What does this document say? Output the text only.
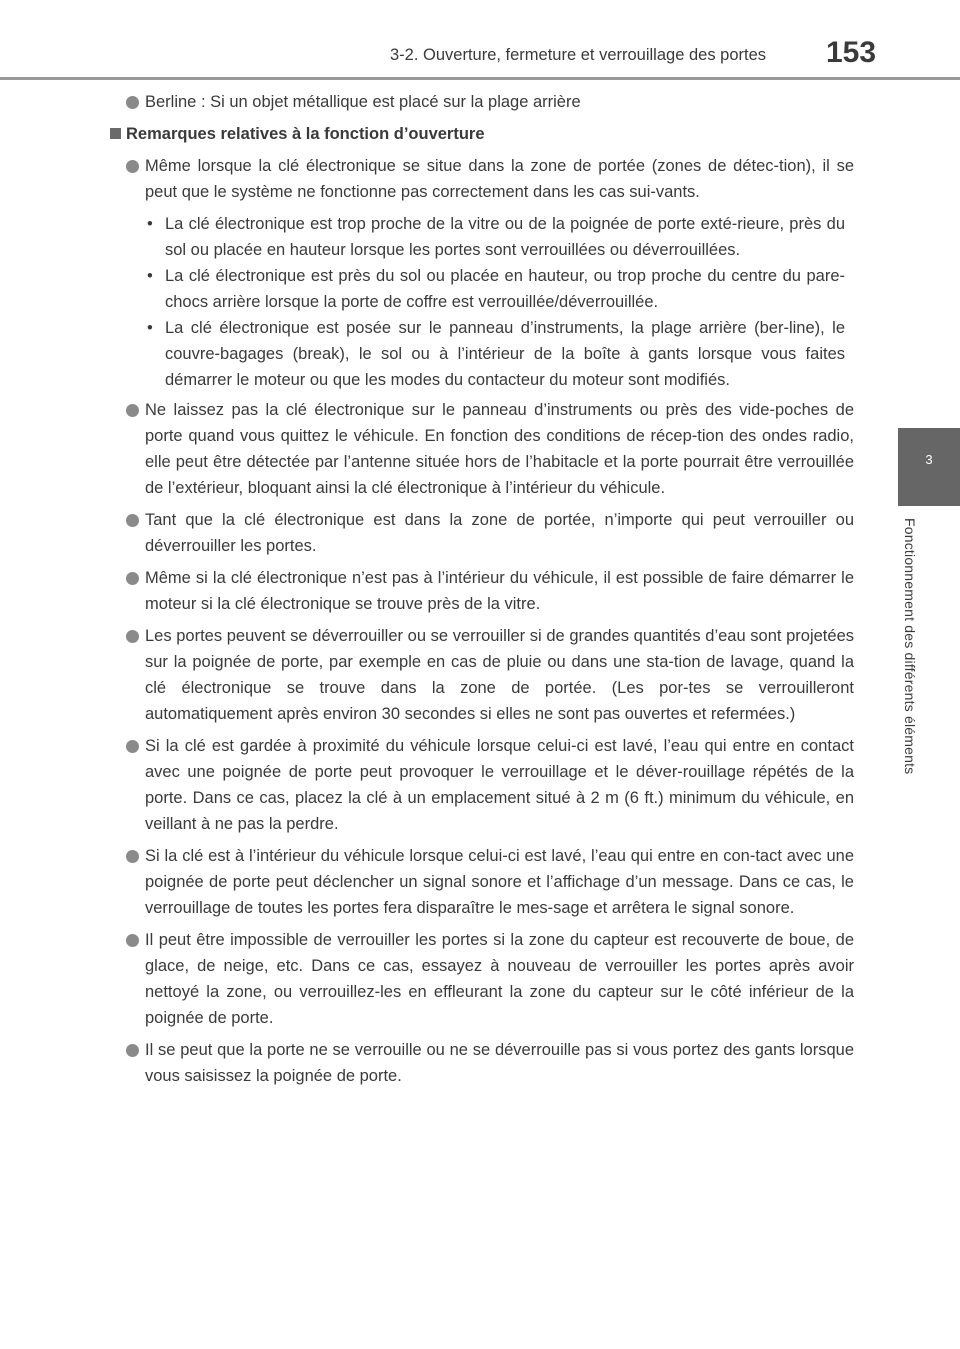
3-2. Ouverture, fermeture et verrouillage des portes 153
3
Fonctionnement des différents éléments

Berline : Si un objet métallique est placé sur la plage arrière

Remarques relatives à la fonction d’ouverture

Même lorsque la clé électronique se situe dans la zone de portée (zones de détec-tion), il se peut que le système ne fonctionne pas correctement dans les cas sui-vants.

• La clé électronique est trop proche de la vitre ou de la poignée de porte exté-rieure, près du sol ou placée en hauteur lorsque les portes sont verrouillées ou déverrouillées.
• La clé électronique est près du sol ou placée en hauteur, ou trop proche du centre du pare-chocs arrière lorsque la porte de coffre est verrouillée/déverrouillée.
• La clé électronique est posée sur le panneau d’instruments, la plage arrière (ber-line), le couvre-bagages (break), le sol ou à l’intérieur de la boîte à gants lorsque vous faites démarrer le moteur ou que les modes du contacteur du moteur sont modifiés.

Ne laissez pas la clé électronique sur le panneau d’instruments ou près des vide-poches de porte quand vous quittez le véhicule. En fonction des conditions de récep-tion des ondes radio, elle peut être détectée par l’antenne située hors de l’habitacle et la porte pourrait être verrouillée de l’extérieur, bloquant ainsi la clé électronique à l’intérieur du véhicule.

Tant que la clé électronique est dans la zone de portée, n’importe qui peut verrouiller ou déverrouiller les portes.

Même si la clé électronique n’est pas à l’intérieur du véhicule, il est possible de faire démarrer le moteur si la clé électronique se trouve près de la vitre.

Les portes peuvent se déverrouiller ou se verrouiller si de grandes quantités d’eau sont projetées sur la poignée de porte, par exemple en cas de pluie ou dans une sta-tion de lavage, quand la clé électronique se trouve dans la zone de portée. (Les por-tes se verrouilleront automatiquement après environ 30 secondes si elles ne sont pas ouvertes et refermées.)

Si la clé est gardée à proximité du véhicule lorsque celui-ci est lavé, l’eau qui entre en contact avec une poignée de porte peut provoquer le verrouillage et le déver-rouillage répétés de la porte. Dans ce cas, placez la clé à un emplacement situé à 2 m (6 ft.) minimum du véhicule, en veillant à ne pas la perdre.

Si la clé est à l’intérieur du véhicule lorsque celui-ci est lavé, l’eau qui entre en con-tact avec une poignée de porte peut déclencher un signal sonore et l’affichage d’un message. Dans ce cas, le verrouillage de toutes les portes fera disparaître le mes-sage et arrêtera le signal sonore.

Il peut être impossible de verrouiller les portes si la zone du capteur est recouverte de boue, de glace, de neige, etc. Dans ce cas, essayez à nouveau de verrouiller les portes après avoir nettoyé la zone, ou verrouillez-les en effleurant la zone du capteur sur le côté inférieur de la poignée de porte.

Il se peut que la porte ne se verrouille ou ne se déverrouille pas si vous portez des gants lorsque vous saisissez la poignée de porte.
